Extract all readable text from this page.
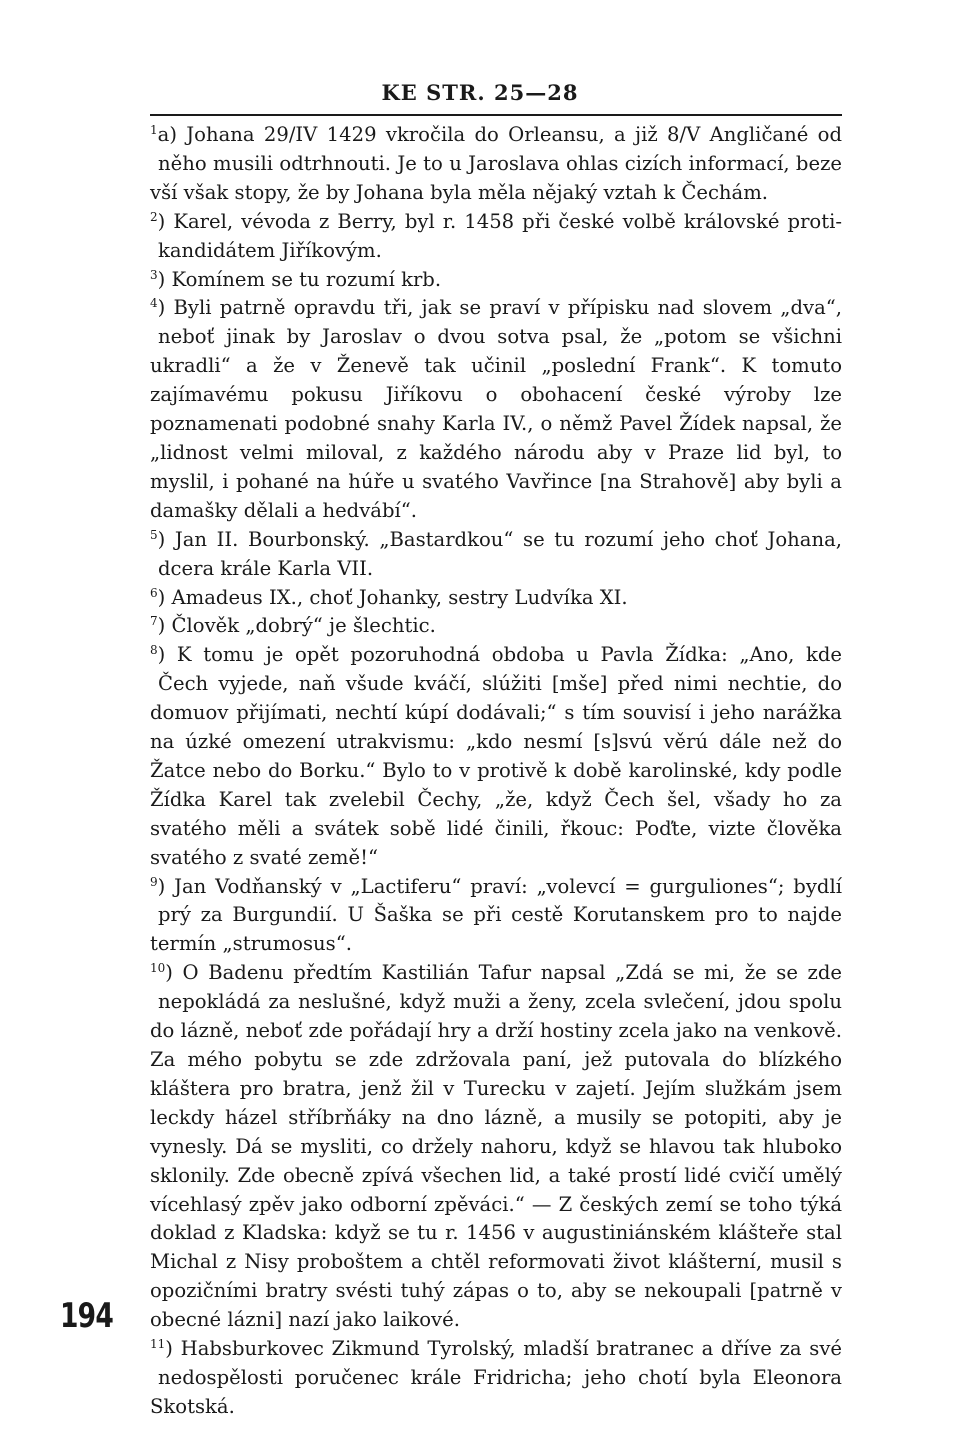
KE STR. 25—28
$^1$a) Johana 29/IV 1429 vkročila do Orleansu, a již 8/V Angličané od něho musili odtrhnouti. Je to u Jaroslava ohlas cizích informací, beze vší však stopy, že by Johana byla měla nějaký vztah k Čechám.
$^2$) Karel, vévoda z Berry, byl r. 1458 při české volbě královské proti- kandidátem Jiříkovým.
$^3$) Komínem se tu rozumí krb.
$^4$) Byli patrně opravdu tři, jak se praví v přípisku nad slovem „dva“, neboť jinak by Jaroslav o dvou sotva psal, že „potom se všichni ukradli“ a že v Ženevě tak učinil „poslední Frank“. K tomuto zajímavému pokusu Jiříkovu o obohacení české výroby lze poznamenati podobné snahy Karla IV., o němž Pavel Žídek napsal, že „lidnost velmi miloval, z každého národu aby v Praze lid byl, to myslil, i pohané na húře u svatého Vavřince [na Strahově] aby byli a damašky dělali a hedvábí“.
$^5$) Jan II. Bourbonský. „Bastardkou“ se tu rozumí jeho choť Johana, dcera krále Karla VII.
$^6$) Amadeus IX., choť Johanky, sestry Ludvíka XI.
$^7$) Člověk „dobrý“ je šlechtic.
$^8$) K tomu je opět pozoruhodná obdoba u Pavla Žídka: „Ano, kde Čech vyjede, naň všude kváčí, slúžiti [mše] před nimi nechtie, do domuov přijímati, nechtí kúpí dodávali;“ s tím souvisí i jeho narážka na úzké omezení utrakvismu: „kdo nesmí [s]svú věrú dále než do Žatce nebo do Borku.“ Bylo to v protivě k době karolinské, kdy podle Žídka Karel tak zvelebil Čechy, „že, když Čech šel, všady ho za svatého měli a svátek sobě lidé činili, řkouc: Poďte, vizte člověka svatého z svaté země!“
$^9$) Jan Vodňanský v „Lactiferu“ praví: „volevcí = gurguliones“; bydlí prý za Burgundií. U Šaška se při cestě Korutanskem pro to najde termín „strumosus“.
$^{10}$) O Badenu předtím Kastilián Tafur napsal „Zdá se mi, že se zde nepokládá za neslušné, když muži a ženy, zcela svlečení, jdou spolu do lázně, neboť zde pořádají hry a drží hostiny zcela jako na venkově. Za mého pobytu se zde zdržovala paní, jež putovala do blízkého kláštera pro bratra, jenž žil v Turecku v zajetí. Jejím služkám jsem leckdy házel stříbrňáky na dno lázně, a musily se potopiti, aby je vynesly. Dá se mysliti, co držely nahoru, když se hlavou tak hluboko sklonily. Zde obecně zpívá všechen lid, a také prostí lidé cvičí umělý vícehlasý zpěv jako odborní zpěváci.“ — Z českých zemí se toho týká doklad z Kladska: když se tu r. 1456 v augustiniánském klášteře stal Michal z Nisy proboštem a chtěl reformovati život klášterní, musil s opozičními bratry svésti tuhý zápas o to, aby se nekoupali [patrně v obecné lázni] nazí jako laikové.
$^{11}$) Habsburkovec Zikmund Tyrolský, mladší bratranec a dříve za své nedospělosti poručenec krále Fridricha; jeho chotí byla Eleonora Skotská.
194
